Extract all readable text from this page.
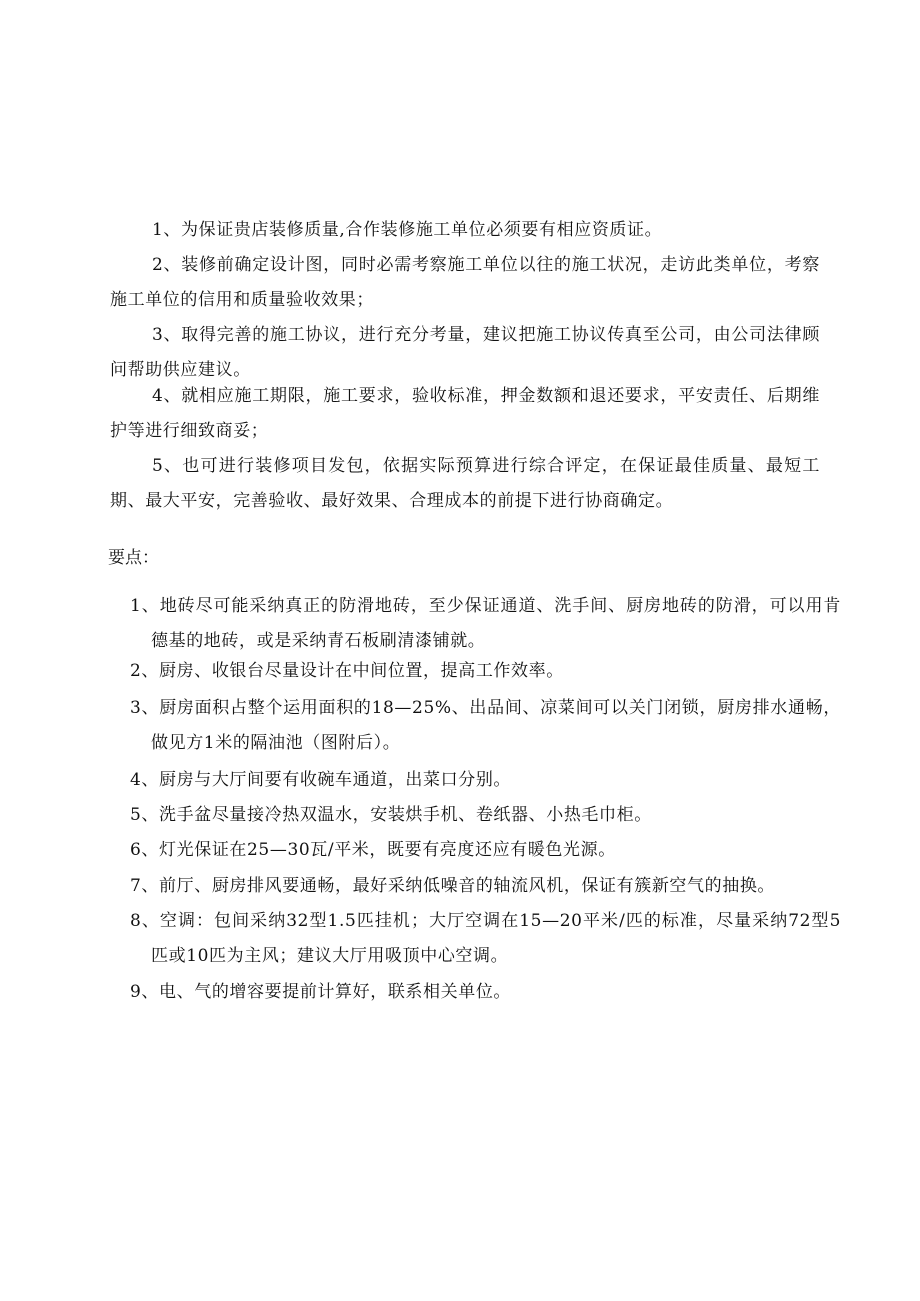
1、为保证贵店装修质量,合作装修施工单位必须要有相应资质证。

2、装修前确定设计图，同时必需考察施工单位以往的施工状况，走访此类单位，考察施工单位的信用和质量验收效果；

3、取得完善的施工协议，进行充分考量，建议把施工协议传真至公司，由公司法律顾问帮助供应建议。

4、就相应施工期限，施工要求，验收标准，押金数额和退还要求，平安责任、后期维护等进行细致商妥；

5、也可进行装修项目发包，依据实际预算进行综合评定，在保证最佳质量、最短工期、最大平安，完善验收、最好效果、合理成本的前提下进行协商确定。

要点：

1、地砖尽可能采纳真正的防滑地砖，至少保证通道、洗手间、厨房地砖的防滑，可以用肯德基的地砖，或是采纳青石板刷清漆铺就。

2、厨房、收银台尽量设计在中间位置，提高工作效率。

3、厨房面积占整个运用面积的18—25%、出品间、凉菜间可以关门闭锁，厨房排水通畅，做见方1米的隔油池（图附后）。

4、厨房与大厅间要有收碗车通道，出菜口分别。

5、洗手盆尽量接冷热双温水，安装烘手机、卷纸器、小热毛巾柜。

6、灯光保证在25—30瓦/平米，既要有亮度还应有暖色光源。

7、前厅、厨房排风要通畅，最好采纳低噪音的轴流风机，保证有簇新空气的抽换。

8、空调：包间采纳32型1.5匹挂机；大厅空调在15—20平米/匹的标准，尽量采纳72型5匹或10匹为主风；建议大厅用吸顶中心空调。

9、电、气的增容要提前计算好，联系相关单位。
